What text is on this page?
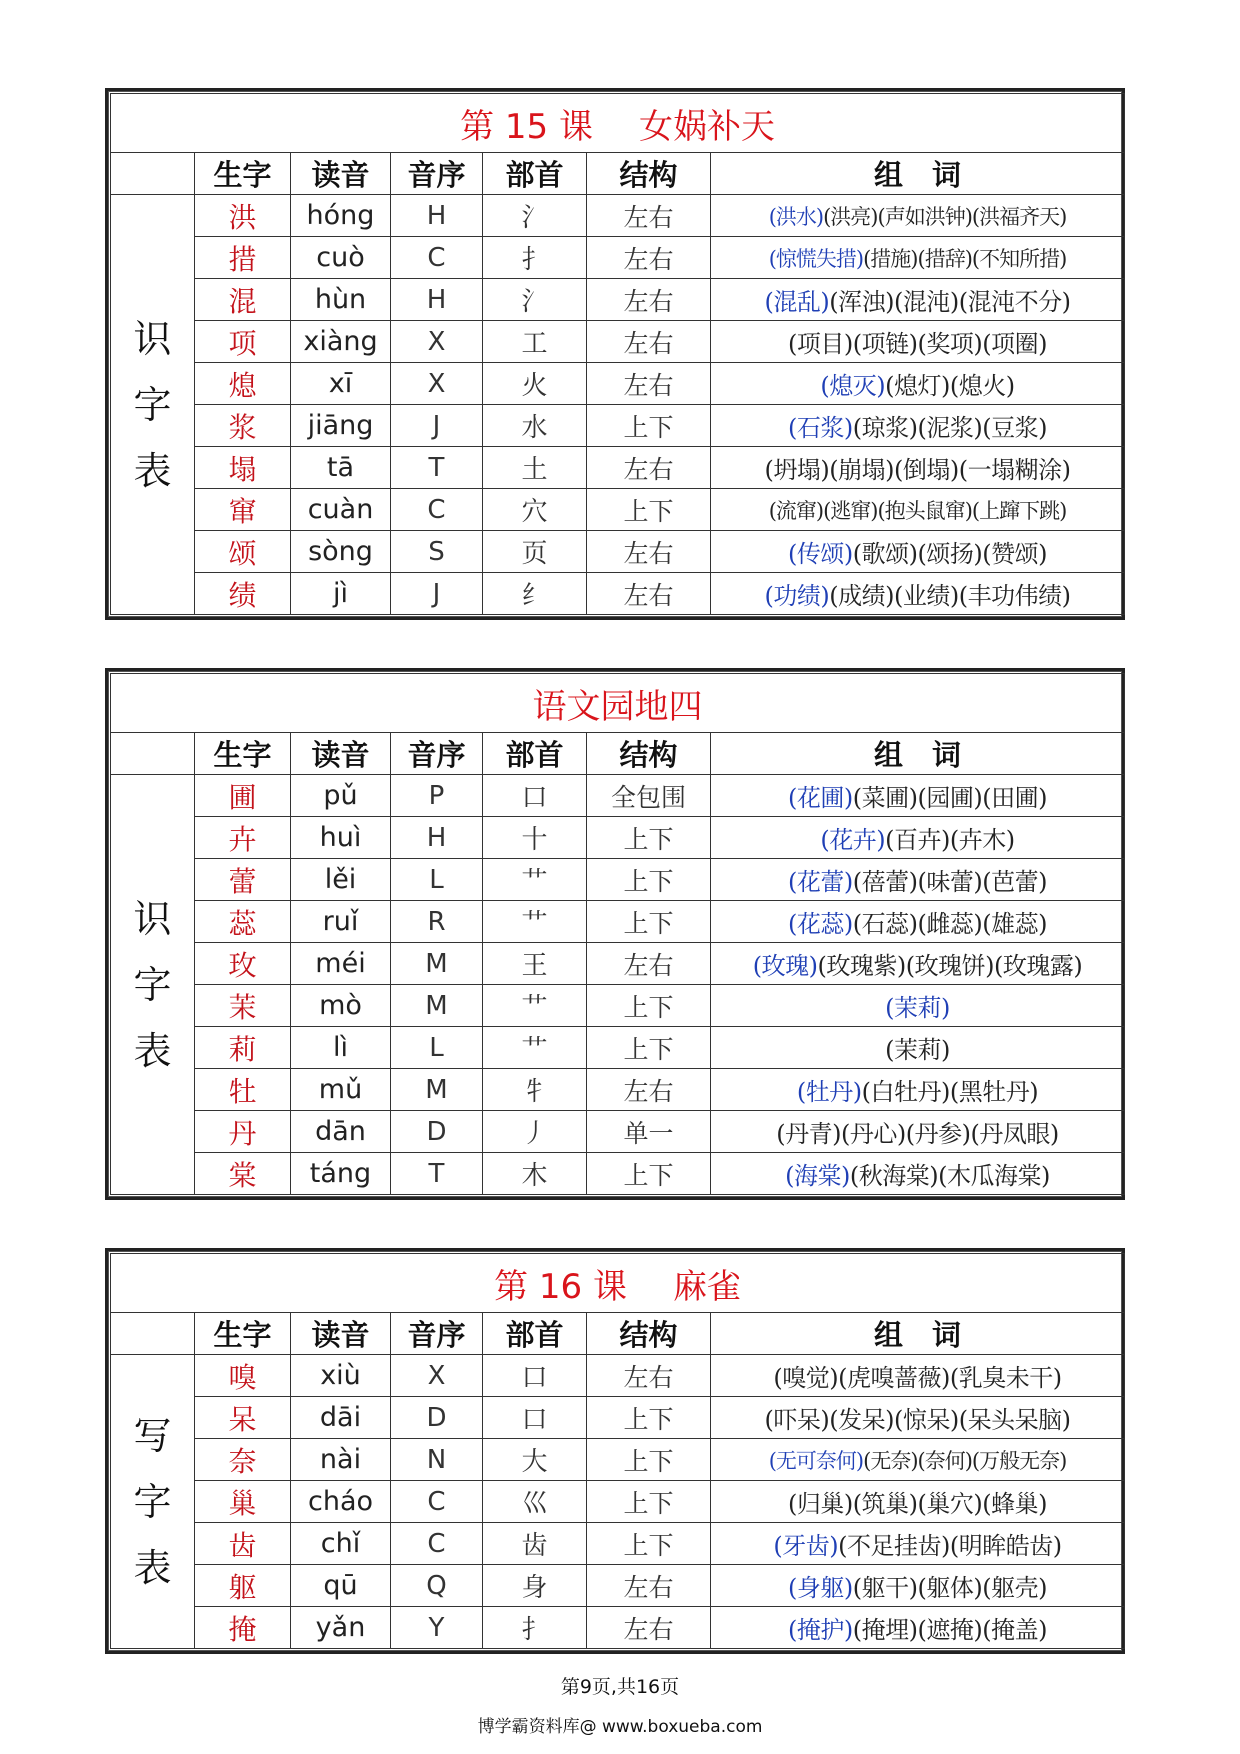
第 15 课 女娲补天						
	生字	读音	音序	部首	结构	组　词

识
字
表	洪	hóng	H	氵	左右	(洪水)(洪亮)(声如洪钟)(洪福齐天)
	措	cuò	C	扌	左右	(惊慌失措)(措施)(措辞)(不知所措)
	混	hùn	H	氵	左右	(混乱)(浑浊)(混沌)(混沌不分)
	项	xiàng	X	工	左右	(项目)(项链)(奖项)(项圈)
	熄	xī	X	火	左右	(熄灭)(熄灯)(熄火)
	浆	jiāng	J	水	上下	(石浆)(琼浆)(泥浆)(豆浆)
	塌	tā	T	土	左右	(坍塌)(崩塌)(倒塌)(一塌糊涂)
	窜	cuàn	C	穴	上下	(流窜)(逃窜)(抱头鼠窜)(上蹿下跳)
	颂	sòng	S	页	左右	(传颂)(歌颂)(颂扬)(赞颂)
	绩	jì	J	纟	左右	(功绩)(成绩)(业绩)(丰功伟绩)
语文园地四						
	生字	读音	音序	部首	结构	组　词

识
字
表	圃	pǔ	P	口	全包围	(花圃)(菜圃)(园圃)(田圃)
	卉	huì	H	十	上下	(花卉)(百卉)(卉木)
	蕾	lěi	L	艹	上下	(花蕾)(蓓蕾)(味蕾)(芭蕾)
	蕊	ruǐ	R	艹	上下	(花蕊)(石蕊)(雌蕊)(雄蕊)
	玫	méi	M	王	左右	(玫瑰)(玫瑰紫)(玫瑰饼)(玫瑰露)
	茉	mò	M	艹	上下	(茉莉)
	莉	lì	L	艹	上下	(茉莉)
	牡	mǔ	M	牜	左右	(牡丹)(白牡丹)(黑牡丹)
	丹	dān	D	丿	单一	(丹青)(丹心)(丹参)(丹凤眼)
	棠	táng	T	木	上下	(海棠)(秋海棠)(木瓜海棠)
第 16 课 麻雀						
	生字	读音	音序	部首	结构	组　词

写
字
表	嗅	xiù	X	口	左右	(嗅觉)(虎嗅蔷薇)(乳臭未干)
	呆	dāi	D	口	上下	(吓呆)(发呆)(惊呆)(呆头呆脑)
	奈	nài	N	大	上下	(无可奈何)(无奈)(奈何)(万般无奈)
	巢	cháo	C	巛	上下	(归巢)(筑巢)(巢穴)(蜂巢)
	齿	chǐ	C	齿	上下	(牙齿)(不足挂齿)(明眸皓齿)
	躯	qū	Q	身	左右	(身躯)(躯干)(躯体)(躯壳)
	掩	yǎn	Y	扌	左右	(掩护)(掩埋)(遮掩)(掩盖)
第9页,共16页
博学霸资料库@ www.boxueba.com
